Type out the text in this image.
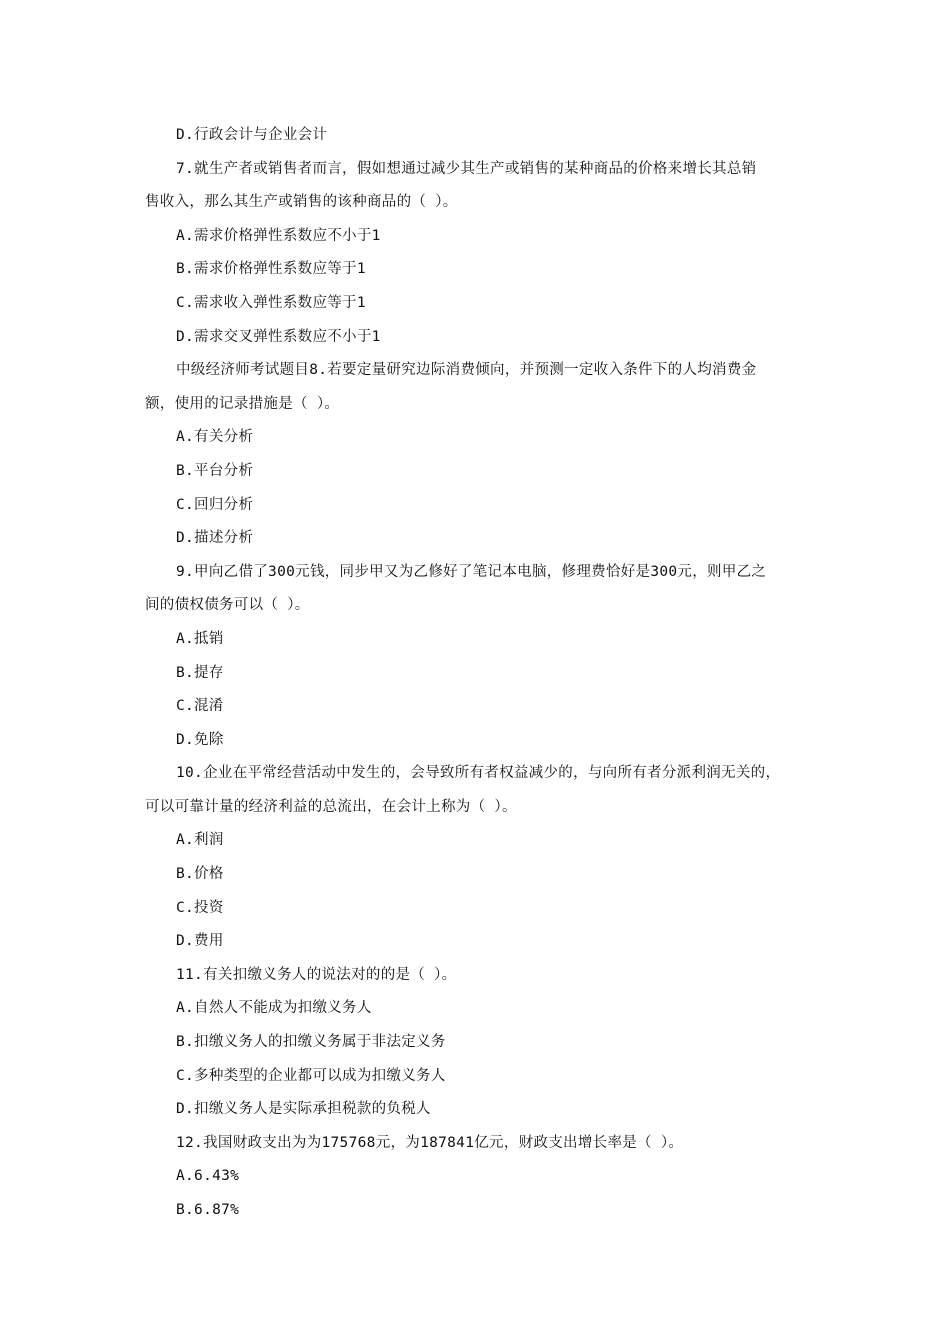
D.行政会计与企业会计
7.就生产者或销售者而言，假如想通过减少其生产或销售的某种商品的价格来增长其总销
售收入，那么其生产或销售的该种商品的（ ）。
A.需求价格弹性系数应不小于1
B.需求价格弹性系数应等于1
C.需求收入弹性系数应等于1
D.需求交叉弹性系数应不小于1
中级经济师考试题目8.若要定量研究边际消费倾向，并预测一定收入条件下的人均消费金
额，使用的记录措施是（ ）。
A.有关分析
B.平台分析
C.回归分析
D.描述分析
9.甲向乙借了300元钱，同步甲又为乙修好了笔记本电脑，修理费恰好是300元，则甲乙之
间的债权债务可以（ ）。
A.抵销
B.提存
C.混淆
D.免除
10.企业在平常经营活动中发生的，会导致所有者权益减少的，与向所有者分派利润无关的，
可以可靠计量的经济利益的总流出，在会计上称为（ ）。
A.利润
B.价格
C.投资
D.费用
11.有关扣缴义务人的说法对的的是（ ）。
A.自然人不能成为扣缴义务人
B.扣缴义务人的扣缴义务属于非法定义务
C.多种类型的企业都可以成为扣缴义务人
D.扣缴义务人是实际承担税款的负税人
12.我国财政支出为为175768元，为187841亿元，财政支出增长率是（ ）。
A.6.43%
B.6.87%
